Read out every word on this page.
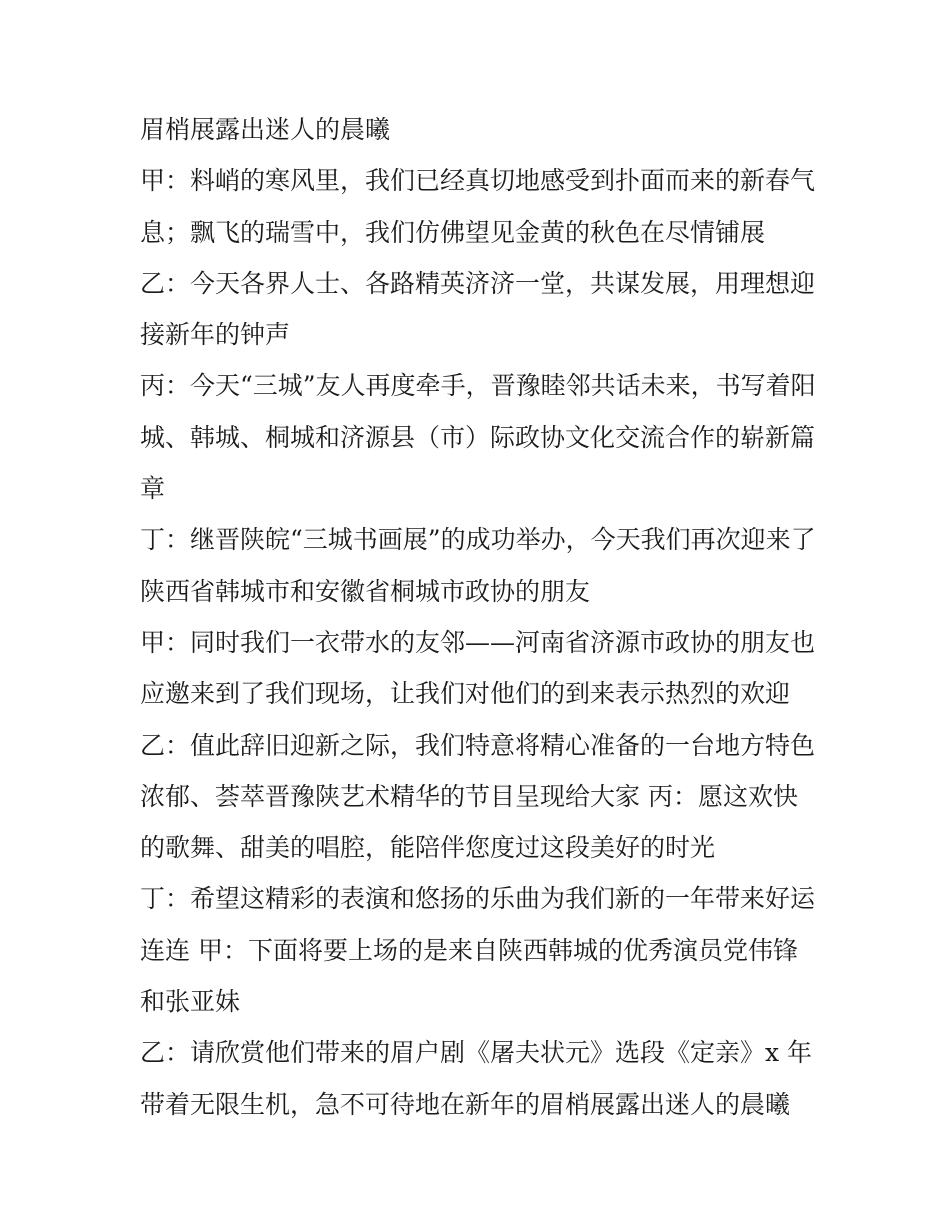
眉梢展露出迷人的晨曦
甲：料峭的寒风里，我们已经真切地感受到扑面而来的新春气
息；飘飞的瑞雪中，我们仿佛望见金黄的秋色在尽情铺展
乙：今天各界人士、各路精英济济一堂，共谋发展，用理想迎
接新年的钟声
丙：今天“三城”友人再度牵手，晋豫睦邻共话未来，书写着阳
城、韩城、桐城和济源县（市）际政协文化交流合作的崭新篇
章
丁：继晋陕皖“三城书画展”的成功举办，今天我们再次迎来了
陕西省韩城市和安徽省桐城市政协的朋友
甲：同时我们一衣带水的友邻——河南省济源市政协的朋友也
应邀来到了我们现场，让我们对他们的到来表示热烈的欢迎
乙：值此辞旧迎新之际，我们特意将精心准备的一台地方特色
浓郁、荟萃晋豫陕艺术精华的节目呈现给大家 丙：愿这欢快
的歌舞、甜美的唱腔，能陪伴您度过这段美好的时光
丁：希望这精彩的表演和悠扬的乐曲为我们新的一年带来好运
连连 甲：下面将要上场的是来自陕西韩城的优秀演员党伟锋
和张亚妹
乙：请欣赏他们带来的眉户剧《屠夫状元》选段《定亲》x 年
带着无限生机，急不可待地在新年的眉梢展露出迷人的晨曦
